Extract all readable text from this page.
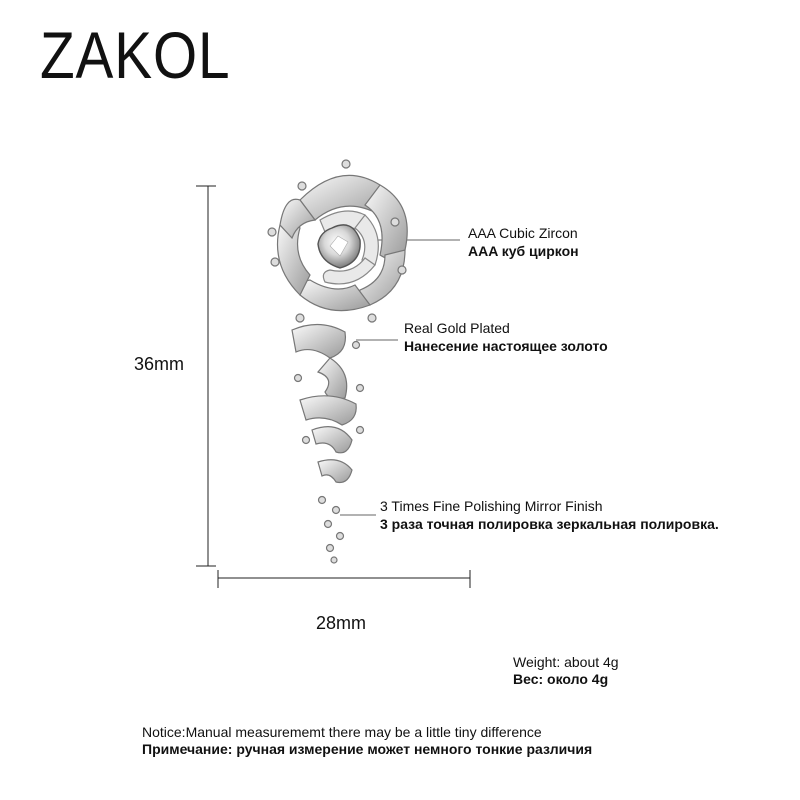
ZAKOL
36mm
28mm
AAA Cubic Zircon
AAA куб циркон
Real Gold Plated
Нанесение настоящее золото
3 Times Fine Polishing Mirror Finish
3 раза точная полировка зеркальная полировка.
Weight: about 4g
Вес: около 4g
Notice:Manual measurememt there may be a little tiny difference
Примечание: ручная измерение может немного тонкие различия
